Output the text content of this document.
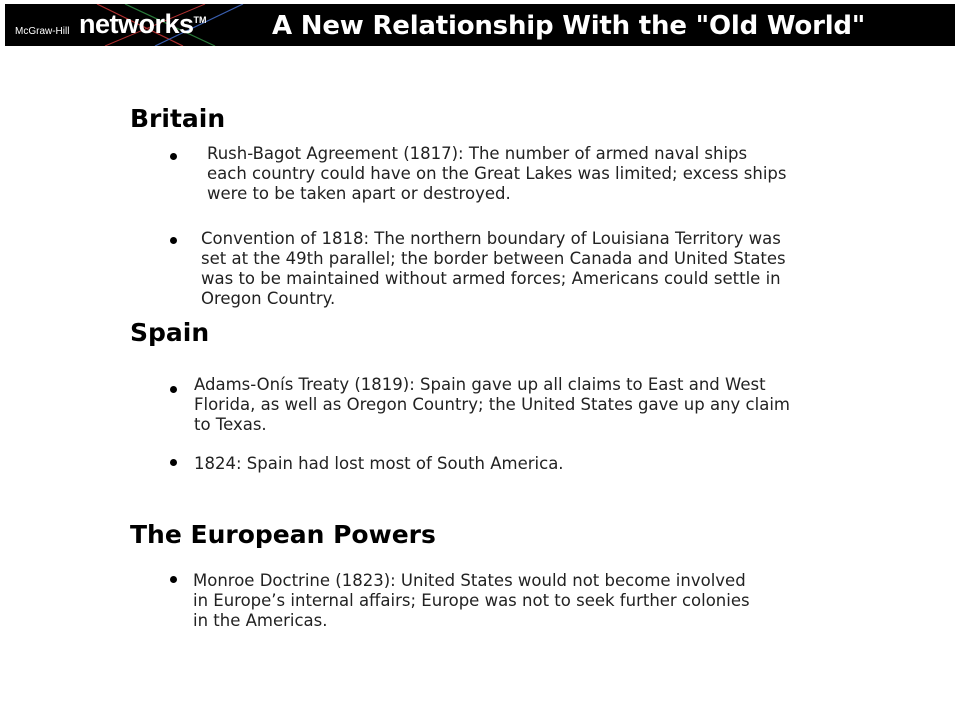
McGraw-Hill networks™	A New Relationship With the "Old World"
Britain

Rush-Bagot Agreement (1817): The number of armed naval ships each country could have on the Great Lakes was limited; excess ships were to be taken apart or destroyed.

Convention of 1818: The northern boundary of Louisiana Territory was set at the 49th parallel; the border between Canada and United States was to be maintained without armed forces; Americans could settle in Oregon Country.

Spain

Adams-Onís Treaty (1819): Spain gave up all claims to East and West Florida, as well as Oregon Country; the United States gave up any claim to Texas.

1824: Spain had lost most of South America.

The European Powers

Monroe Doctrine (1823): United States would not become involved in Europe’s internal affairs; Europe was not to seek further colonies in the Americas.
